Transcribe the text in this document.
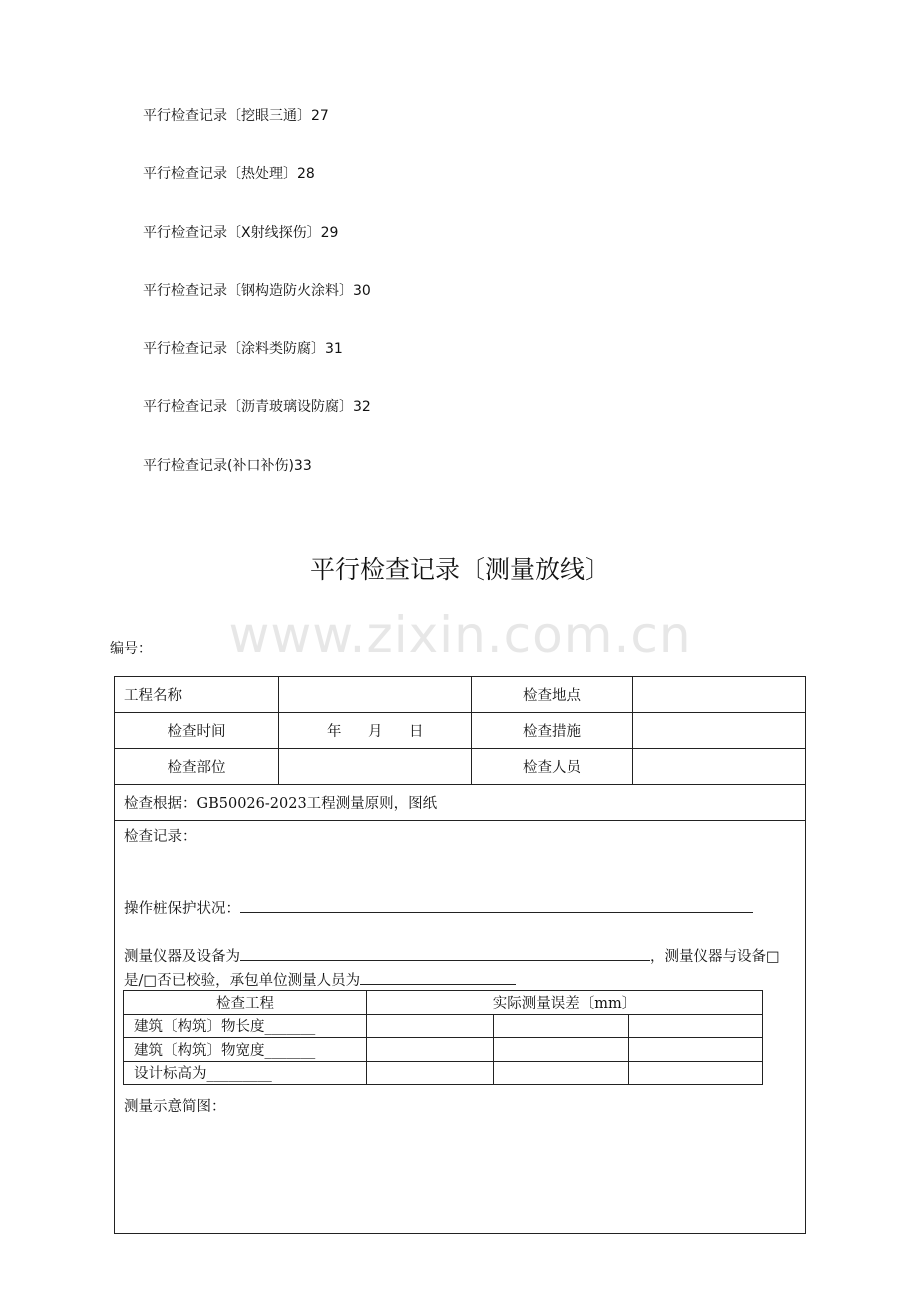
平行检查记录〔挖眼三通〕27
平行检查记录〔热处理〕28
平行检查记录〔X射线探伤〕29
平行检查记录〔钢构造防火涂料〕30
平行检查记录〔涂料类防腐〕31
平行检查记录〔沥青玻璃设防腐〕32
平行检查记录(补口补伤)33
平行检查记录〔测量放线〕
www.zixin.com.cn
编号：
工程名称	检查地点
检查时间	年 月 日	检查措施
检查部位	检查人员
检查根据：GB50026-2023工程测量原则，图纸
检查记录：
操作桩保护状况：
测量仪器及设备为	，测量仪器与设备□
是/□否已校验，承包单位测量人员为
检查工程	实际测量误差〔mm〕		
建筑〔构筑〕物长度_______			
建筑〔构筑〕物宽度_______			
设计标高为_________			
测量示意简图：
